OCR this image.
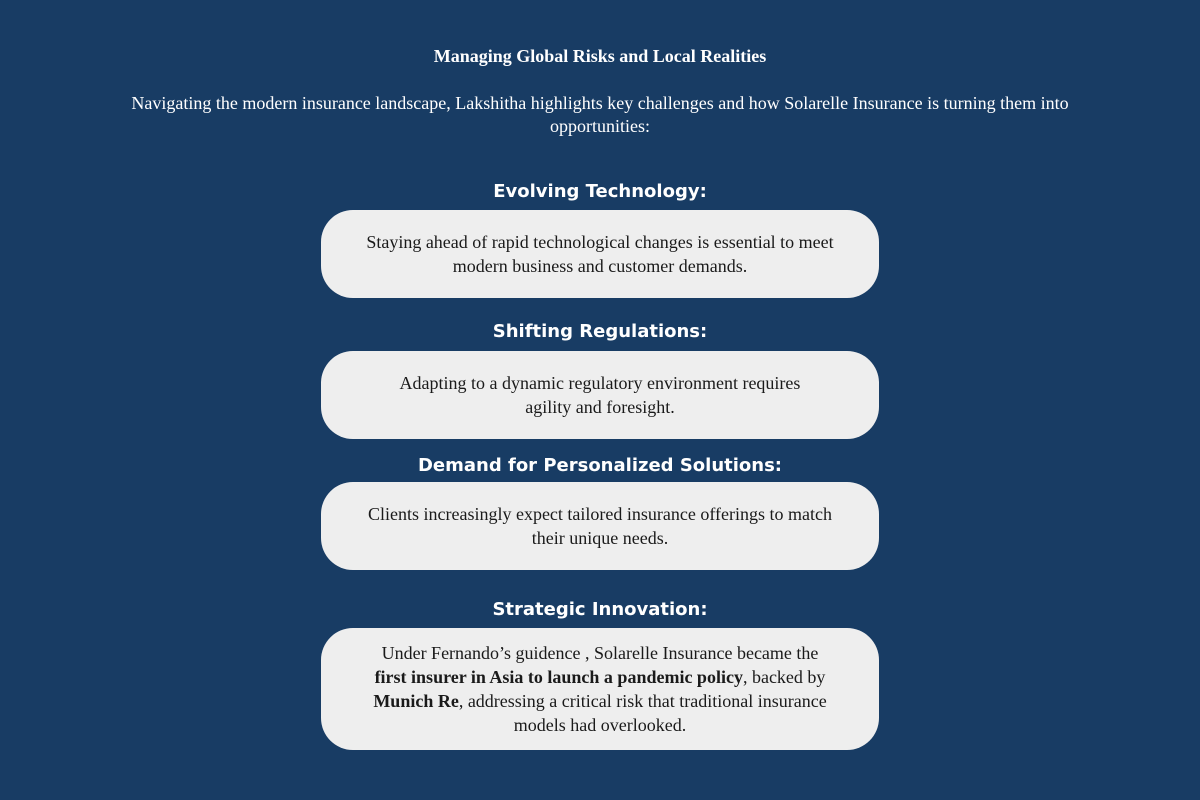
Managing Global Risks and Local Realities
Navigating the modern insurance landscape, Lakshitha highlights key challenges and how Solarelle Insurance is turning them into opportunities:
Evolving Technology:
Staying ahead of rapid technological changes is essential to meet modern business and customer demands.
Shifting Regulations:
Adapting to a dynamic regulatory environment requires agility and foresight.
Demand for Personalized Solutions:
Clients increasingly expect tailored insurance offerings to match their unique needs.
Strategic Innovation:
Under Fernando’s guidence , Solarelle Insurance became the first insurer in Asia to launch a pandemic policy, backed by Munich Re, addressing a critical risk that traditional insurance models had overlooked.
